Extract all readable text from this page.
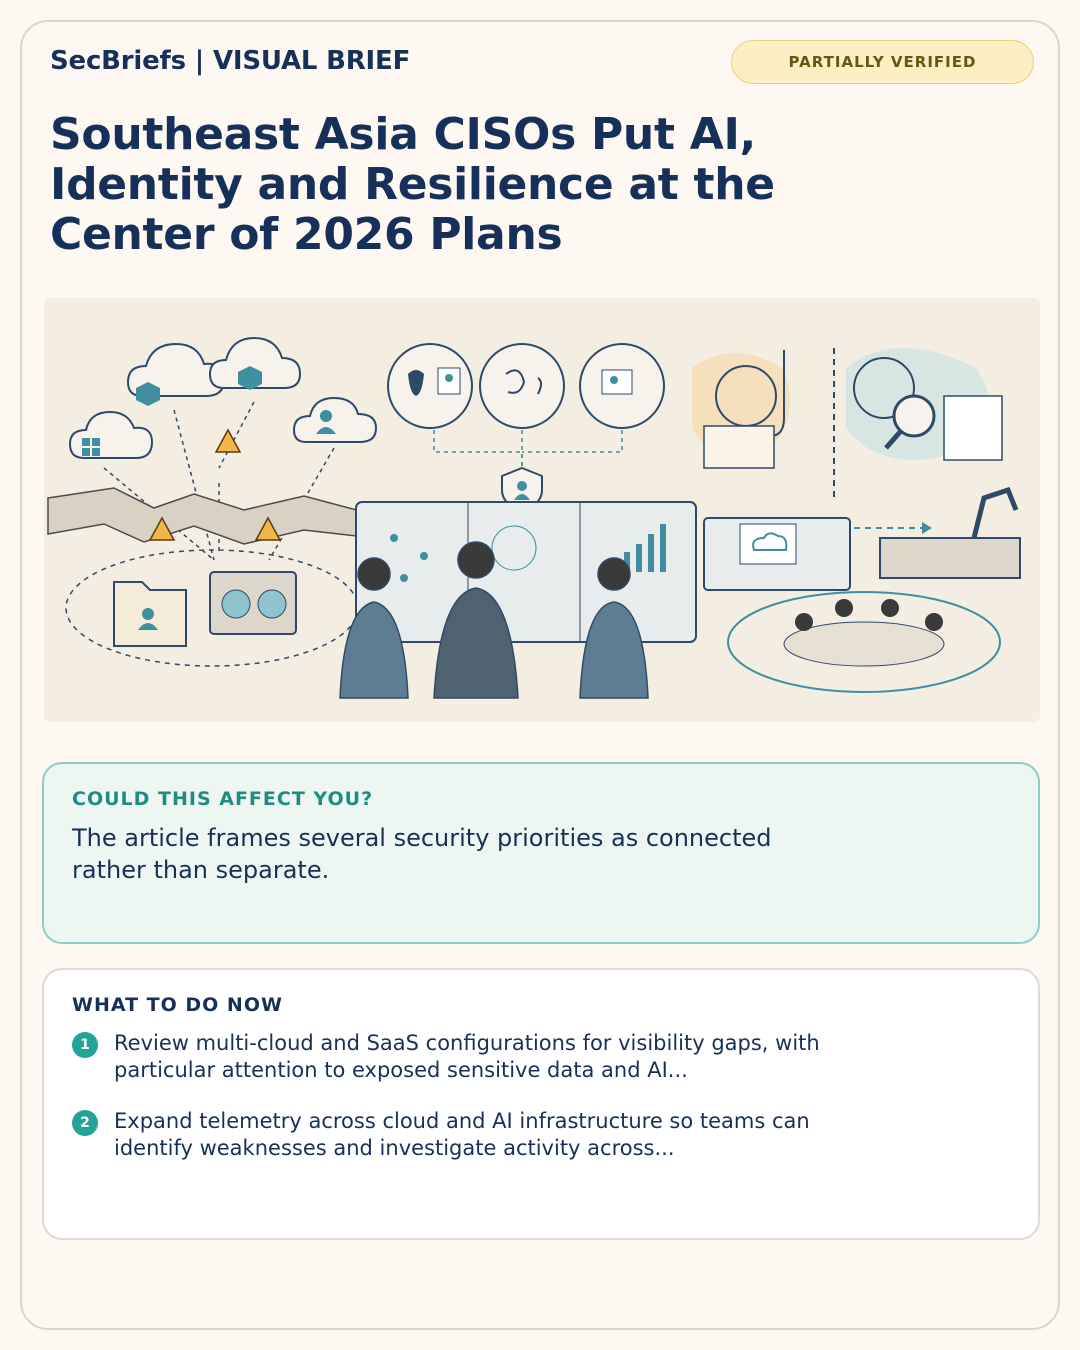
SecBriefs | VISUAL BRIEF	PARTIALLY VERIFIED
Southeast Asia CISOs Put AI, Identity and Resilience at the Center of 2026 Plans
COULD THIS AFFECT YOU?
The article frames several security priorities as connected rather than separate.
WHAT TO DO NOW
1	Review multi-cloud and SaaS configurations for visibility gaps, with particular attention to exposed sensitive data and AI...
2	Expand telemetry across cloud and AI infrastructure so teams can identify weaknesses and investigate activity across...
